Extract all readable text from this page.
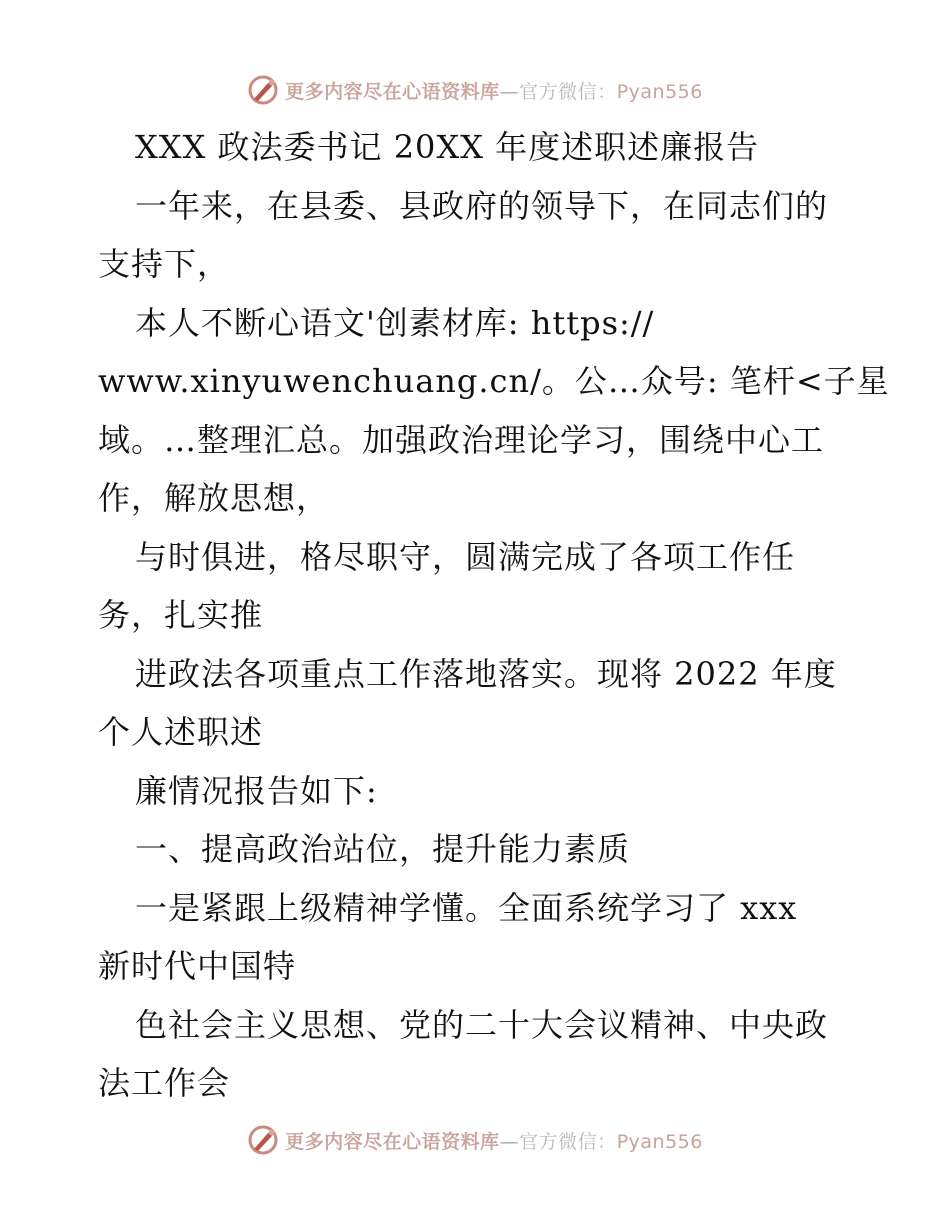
更多内容尽在心语资料库—官方微信：Pyan556
XXX 政法委书记 20XX 年度述职述廉报告
一年来，在县委、县政府的领导下，在同志们的
支持下，
本人不断心语文'创素材库: https://
www.xinyuwenchuang.cn/。公…众号: 笔杆<子星
域。…整理汇总。加强政治理论学习，围绕中心工
作，解放思想，
与时俱进，格尽职守，圆满完成了各项工作任
务，扎实推
进政法各项重点工作落地落实。现将 2022 年度
个人述职述
廉情况报告如下:
一、提高政治站位，提升能力素质
一是紧跟上级精神学懂。全面系统学习了 xxx
新时代中国特
色社会主义思想、党的二十大会议精神、中央政
法工作会
更多内容尽在心语资料库—官方微信：Pyan556
